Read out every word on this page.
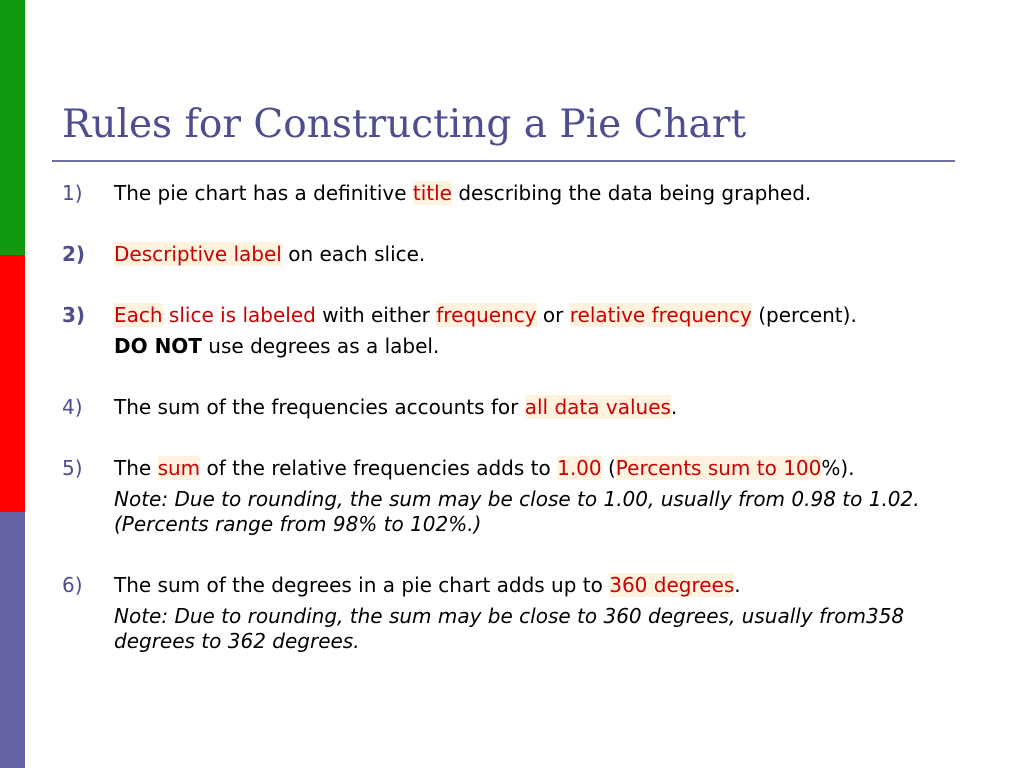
Rules for Constructing a Pie Chart
1) The pie chart has a definitive title describing the data being graphed.

2) Descriptive label on each slice.

3) Each slice is labeled with either frequency or relative frequency (percent).

DO NOT use degrees as a label.

4) The sum of the frequencies accounts for all data values.

5) The sum of the relative frequencies adds to 1.00 (Percents sum to 100%).

Note: Due to rounding, the sum may be close to 1.00, usually from 0.98 to 1.02. (Percents range from 98% to 102%.)

6) The sum of the degrees in a pie chart adds up to 360 degrees.

Note: Due to rounding, the sum may be close to 360 degrees, usually from358 degrees to 362 degrees.
